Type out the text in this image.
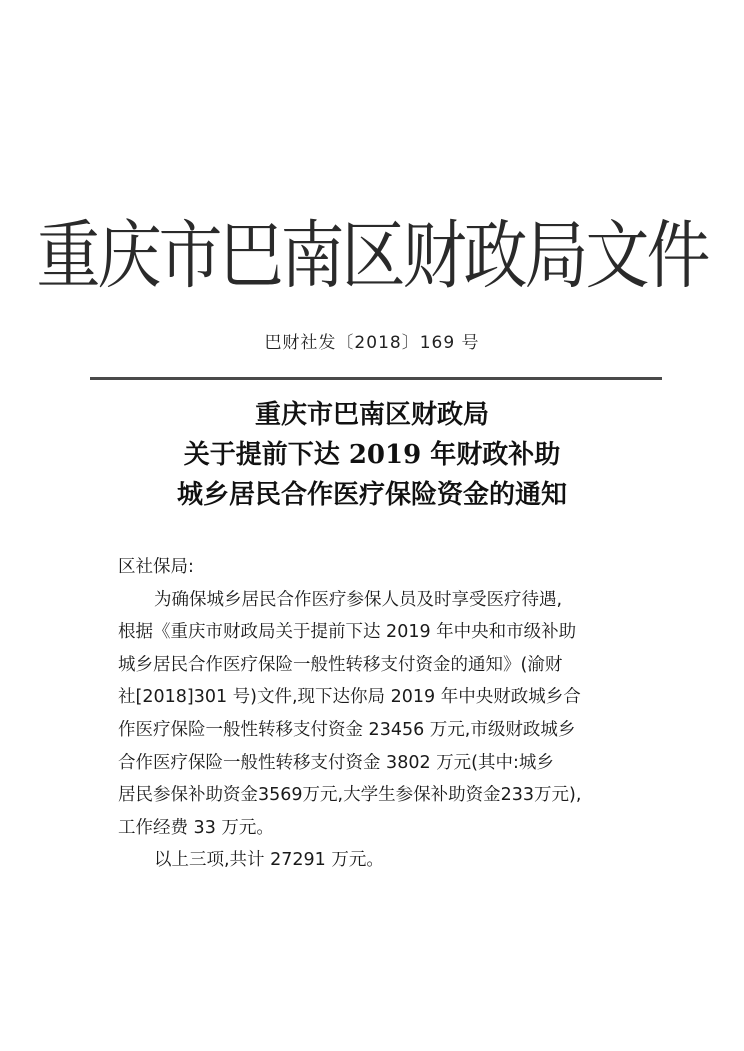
重庆市巴南区财政局文件
巴财社发〔2018〕169 号
重庆市巴南区财政局
关于提前下达 2019 年财政补助
城乡居民合作医疗保险资金的通知

区社保局:

为确保城乡居民合作医疗参保人员及时享受医疗待遇,
根据《重庆市财政局关于提前下达 2019 年中央和市级补助
城乡居民合作医疗保险一般性转移支付资金的通知》(渝财
社[2018]301 号)文件,现下达你局 2019 年中央财政城乡合
作医疗保险一般性转移支付资金 23456 万元,市级财政城乡
合作医疗保险一般性转移支付资金 3802 万元(其中:城乡
居民参保补助资金3569万元,大学生参保补助资金233万元),
工作经费 33 万元。

以上三项,共计 27291 万元。
